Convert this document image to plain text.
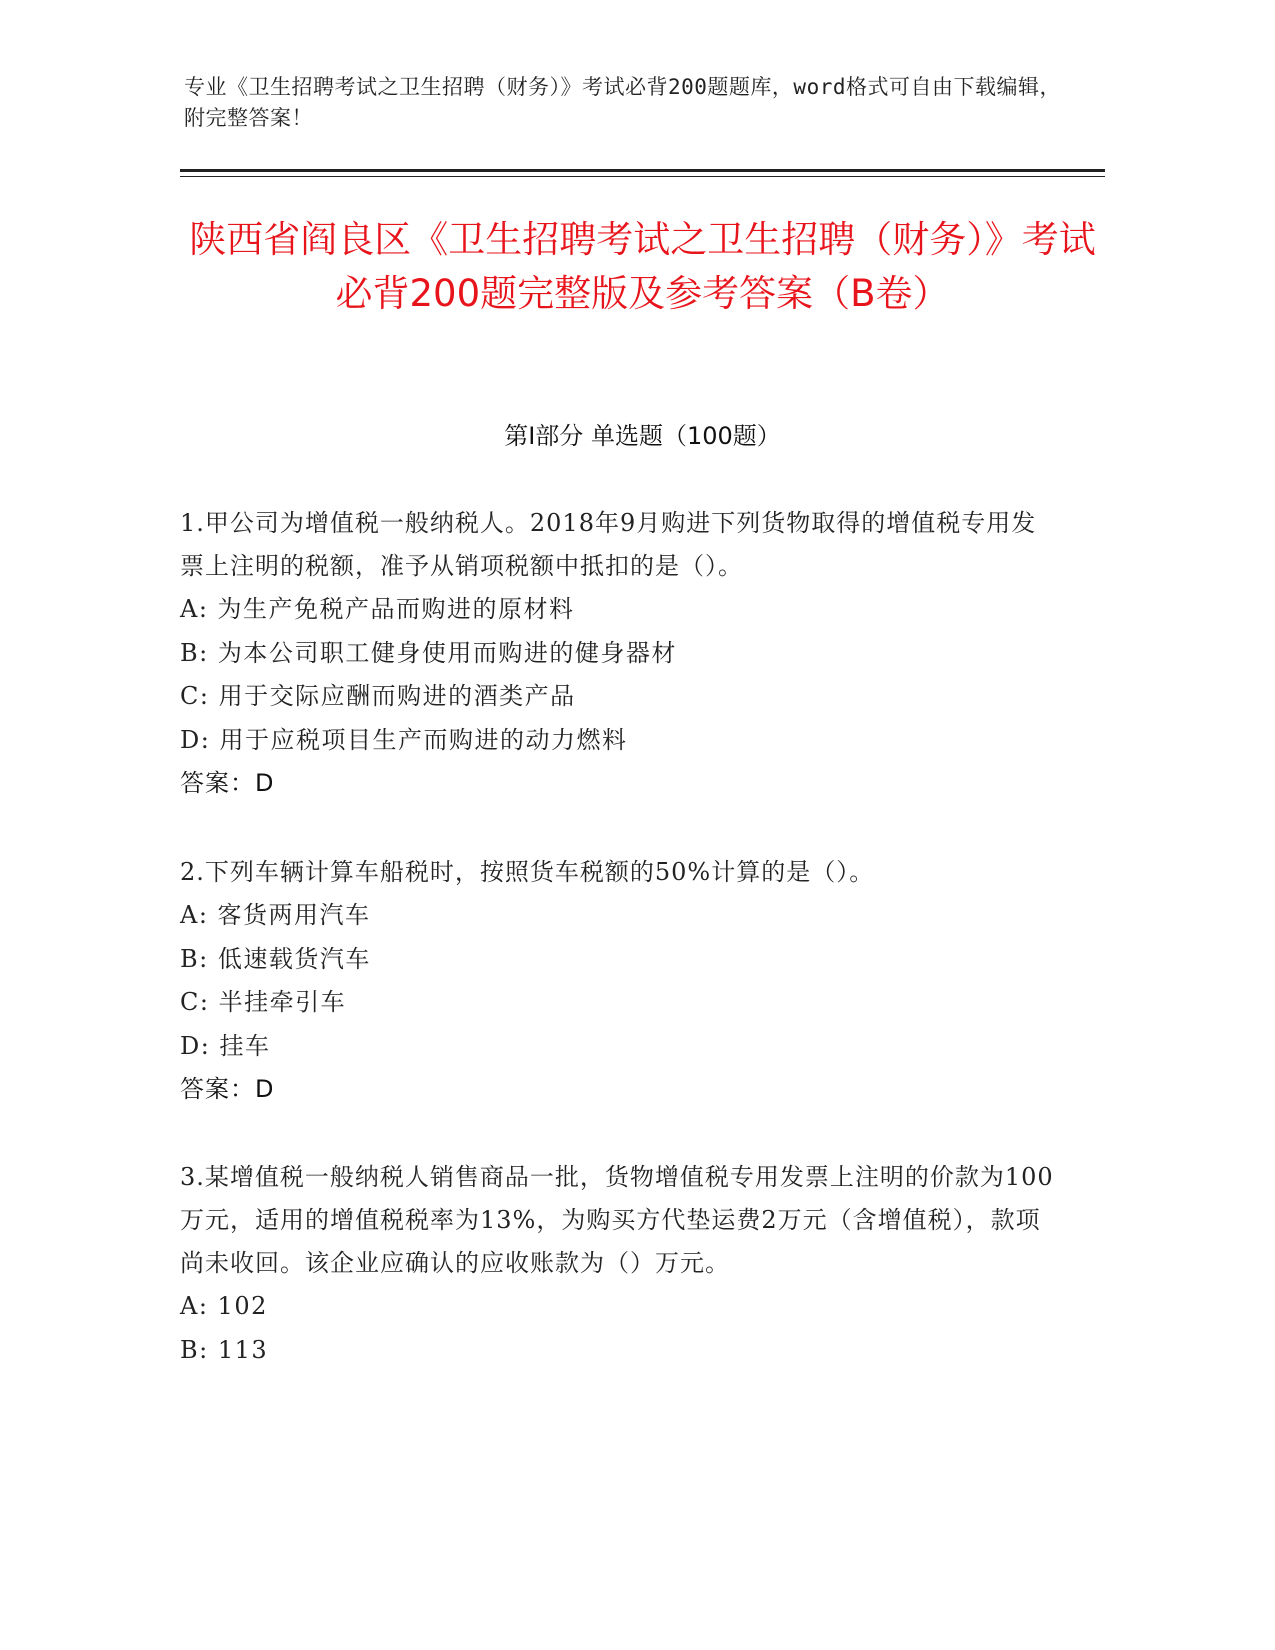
专业《卫生招聘考试之卫生招聘（财务）》考试必背200题题库，word格式可自由下载编辑，附完整答案！
陕西省阎良区《卫生招聘考试之卫生招聘（财务）》考试必背200题完整版及参考答案（B卷）
第I部分 单选题（100题）

1.甲公司为增值税一般纳税人。2018年9月购进下列货物取得的增值税专用发票上注明的税额，准予从销项税额中抵扣的是（）。

A: 为生产免税产品而购进的原材料

B: 为本公司职工健身使用而购进的健身器材

C: 用于交际应酬而购进的酒类产品

D: 用于应税项目生产而购进的动力燃料

答案：D

2.下列车辆计算车船税时，按照货车税额的50%计算的是（）。

A: 客货两用汽车

B: 低速载货汽车

C: 半挂牵引车

D: 挂车

答案：D

3.某增值税一般纳税人销售商品一批，货物增值税专用发票上注明的价款为100万元，适用的增值税税率为13%，为购买方代垫运费2万元（含增值税），款项尚未收回。该企业应确认的应收账款为（）万元。

A: 102

B: 113
